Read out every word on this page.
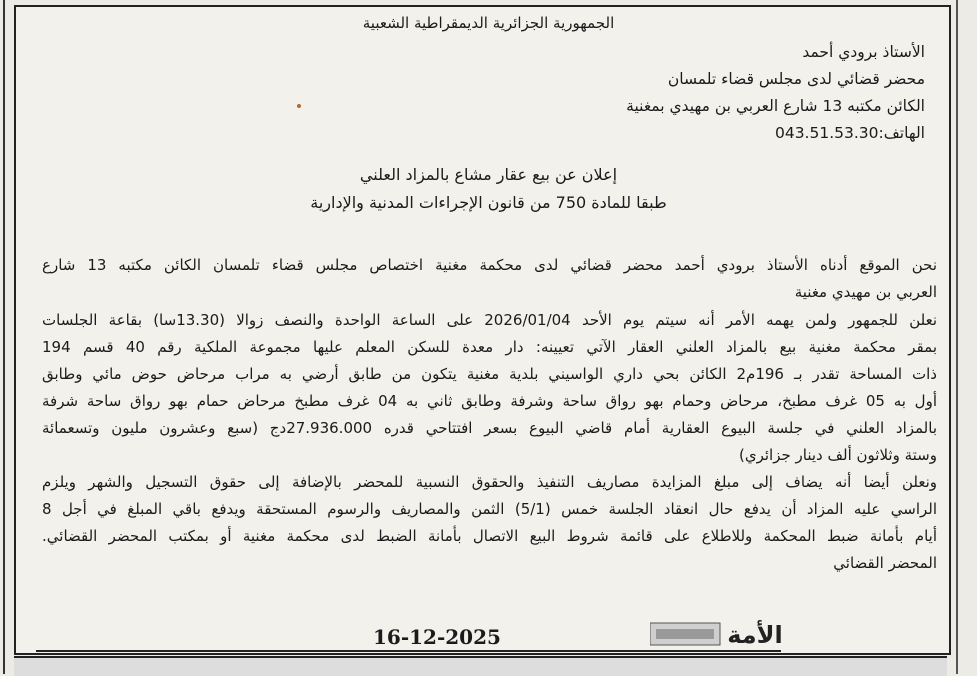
الجمهورية الجزائرية الديمقراطية الشعبية
الأستاذ برودي أحمد
محضر قضائي لدى مجلس قضاء تلمسان
الكائن مكتبه 13 شارع العربي بن مهيدي بمغنية
الهاتف:043.51.53.30
إعلان عن بيع عقار مشاع بالمزاد العلني
طبقا للمادة 750 من قانون الإجراءات المدنية والإدارية
نحن الموقع أدناه الأستاذ برودي أحمد محضر قضائي لدى محكمة مغنية اختصاص مجلس قضاء تلمسان الكائن مكتبه 13 شارع
العربي بن مهيدي مغنية
نعلن للجمهور ولمن يهمه الأمر أنه سيتم يوم الأحد 2026/01/04 على الساعة الواحدة والنصف زوالا (13.30سا) بقاعة الجلسات
بمقر محكمة مغنية بيع بالمزاد العلني العقار الآتي تعيينه: دار معدة للسكن المعلم عليها مجموعة الملكية رقم 40 قسم 194
ذات المساحة تقدر بـ 196م2 الكائن بحي داري الواسيني بلدية مغنية يتكون من طابق أرضي به مراب مرحاض حوض مائي وطابق
أول به 05 غرف مطبخ، مرحاض وحمام بهو رواق ساحة وشرفة وطابق ثاني به 04 غرف مطبخ مرحاض حمام بهو رواق ساحة شرفة
بالمزاد العلني في جلسة البيوع العقارية أمام قاضي البيوع بسعر افتتاحي قدره 27.936.000دج (سبع وعشرون مليون وتسعمائة
وستة وثلاثون ألف دينار جزائري)
ونعلن أيضا أنه يضاف إلى مبلغ المزايدة مصاريف التنفيذ والحقوق النسبية للمحضر بالإضافة إلى حقوق التسجيل والشهر ويلزم
الراسي عليه المزاد أن يدفع حال انعقاد الجلسة خمس (5/1) الثمن والمصاريف والرسوم المستحقة ويدفع باقي المبلغ في أجل 8
أيام بأمانة ضبط المحكمة وللاطلاع على قائمة شروط البيع الاتصال بأمانة الضبط لدى محكمة مغنية أو بمكتب المحضر القضائي.
المحضر القضائي
الأمة
16-12-2025
